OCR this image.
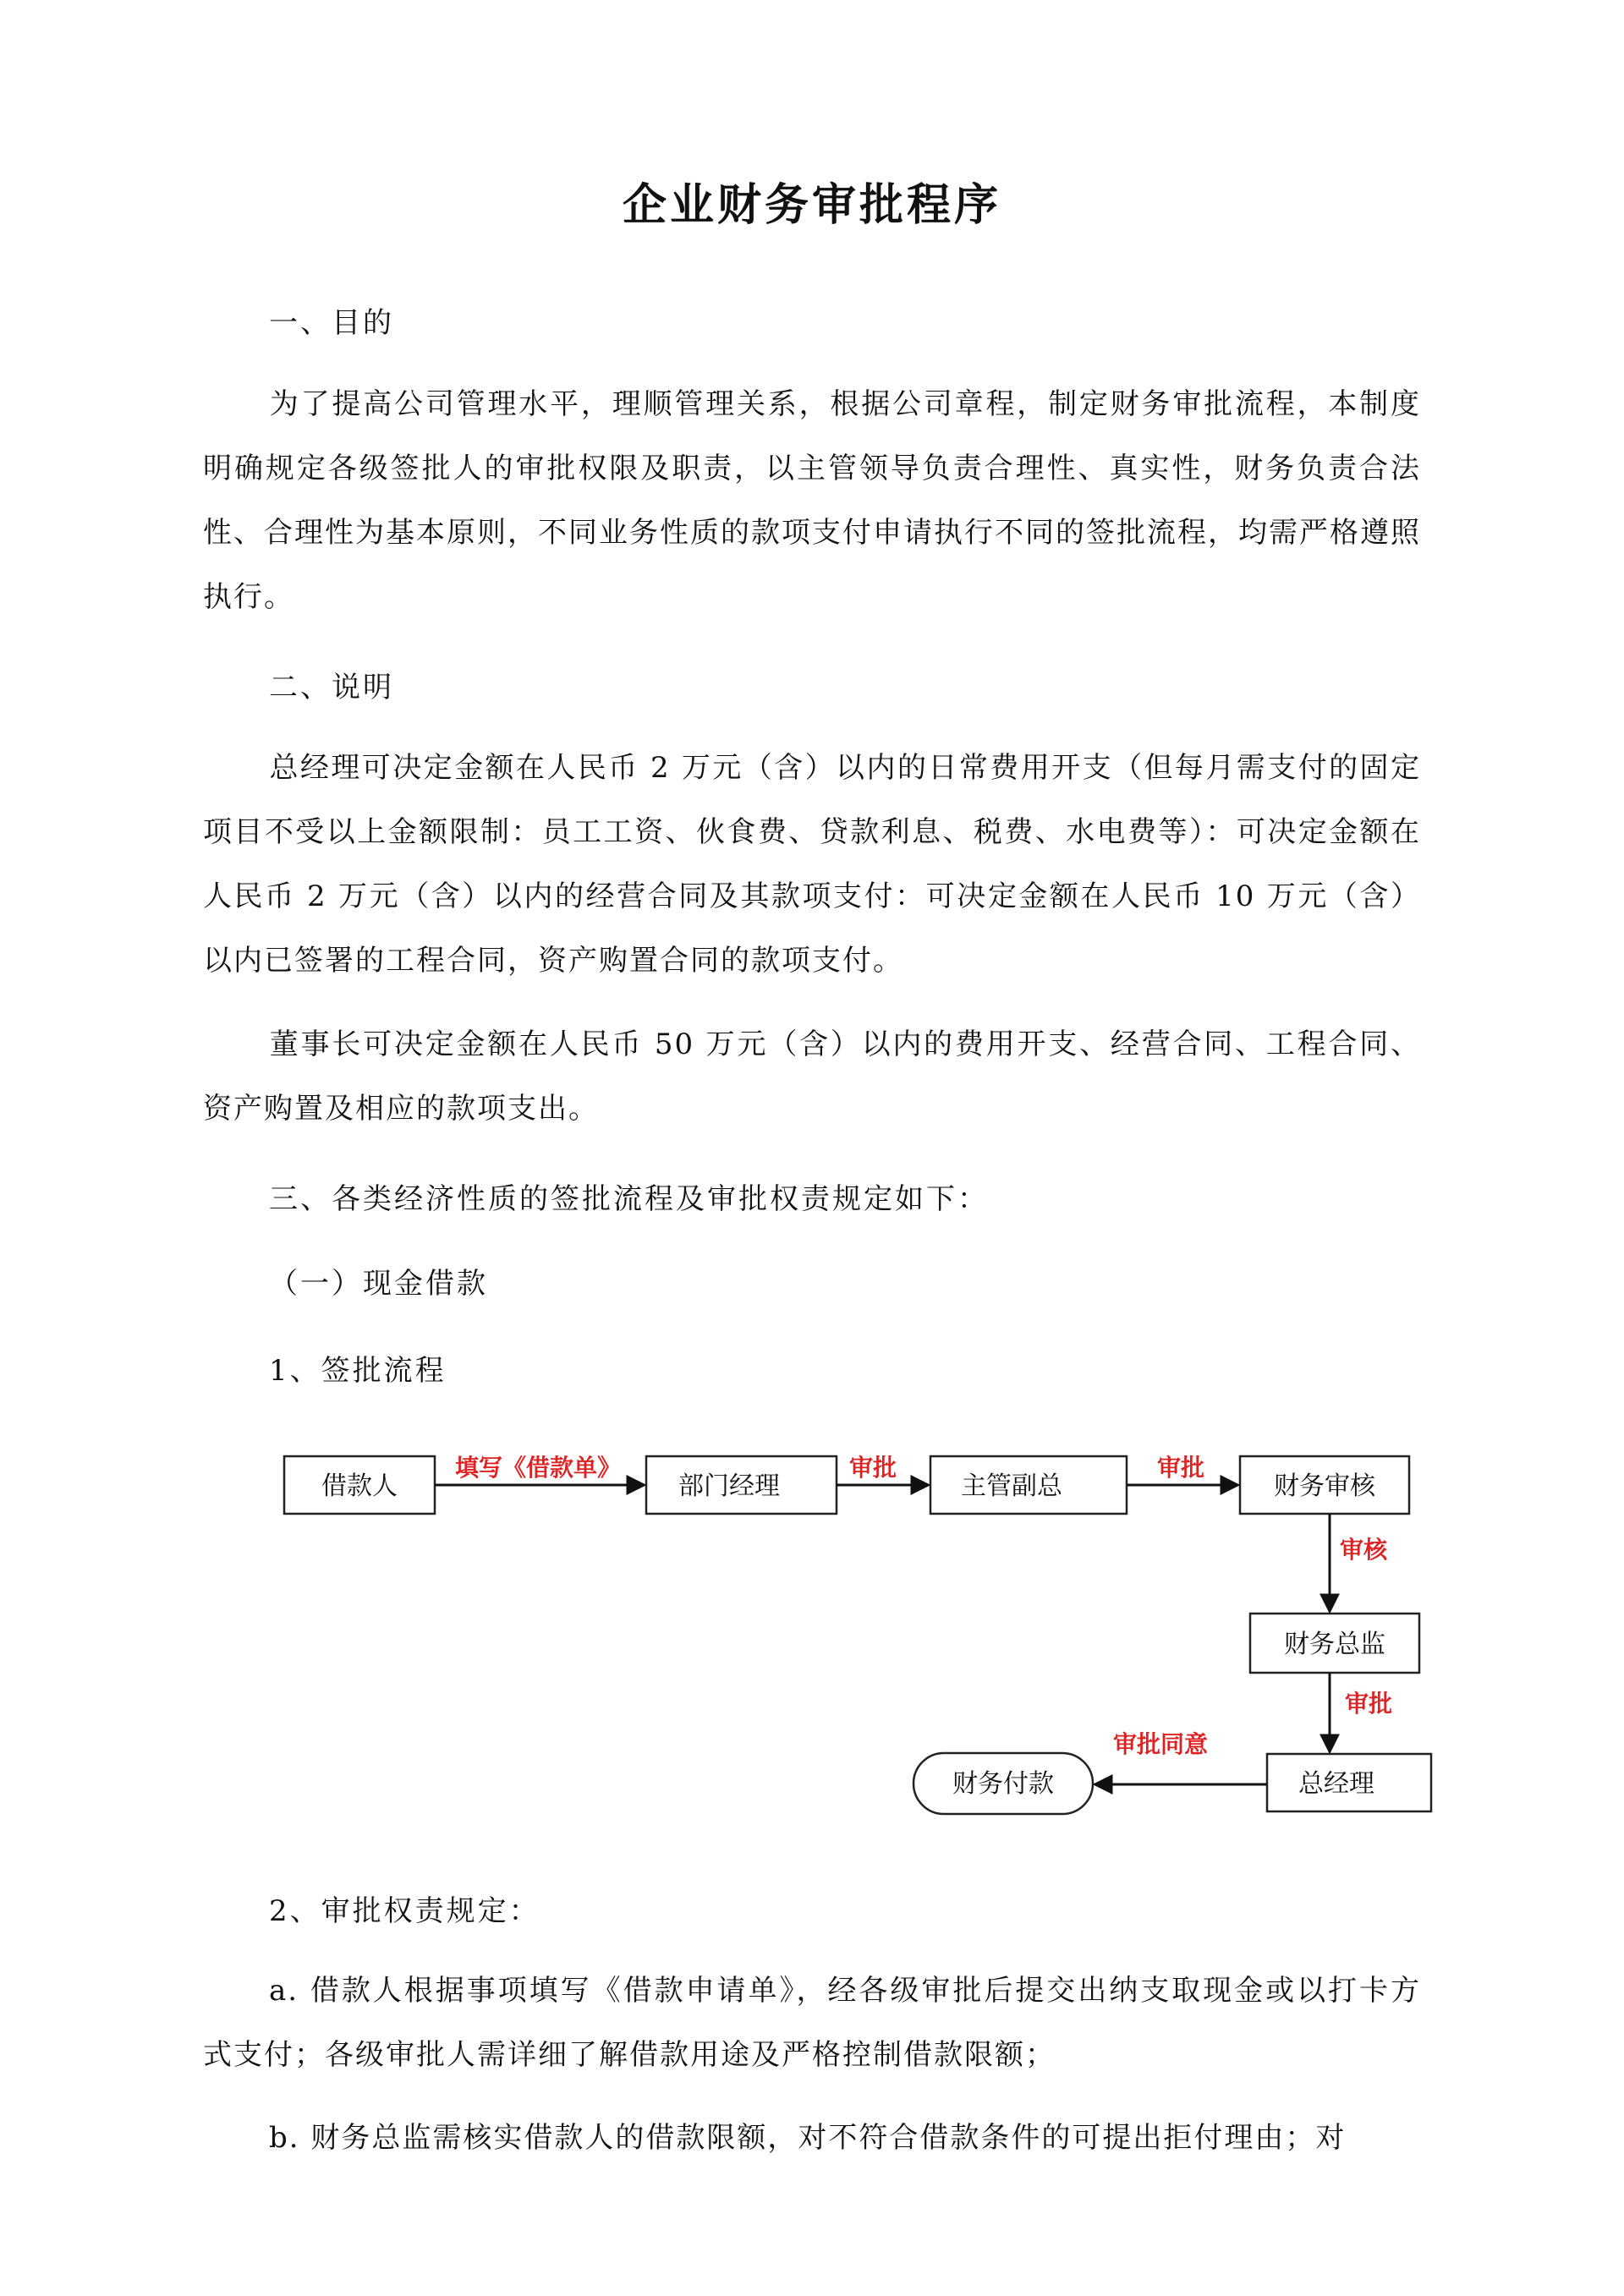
企业财务审批程序
一、目的

为了提高公司管理水平，理顺管理关系，根据公司章程，制定财务审批流程，本制度明确规定各级签批人的审批权限及职责，以主管领导负责合理性、真实性，财务负责合法性、合理性为基本原则，不同业务性质的款项支付申请执行不同的签批流程，均需严格遵照执行。

二、说明

总经理可决定金额在人民币 2 万元（含）以内的日常费用开支（但每月需支付的固定项目不受以上金额限制：员工工资、伙食费、贷款利息、税费、水电费等）：可决定金额在人民币 2 万元（含）以内的经营合同及其款项支付：可决定金额在人民币 10 万元（含）以内已签署的工程合同，资产购置合同的款项支付。

董事长可决定金额在人民币 50 万元（含）以内的费用开支、经营合同、工程合同、资产购置及相应的款项支出。

三、各类经济性质的签批流程及审批权责规定如下：
（一）现金借款
1、签批流程
借款人	部门经理	主管副总	财务审核
财务总监
总经理
财务付款
填写《借款单》	审批	审批
审核
审批
审批同意
2、审批权责规定：

a. 借款人根据事项填写《借款申请单》，经各级审批后提交出纳支取现金或以打卡方式支付；各级审批人需详细了解借款用途及严格控制借款限额；

b. 财务总监需核实借款人的借款限额，对不符合借款条件的可提出拒付理由；对
